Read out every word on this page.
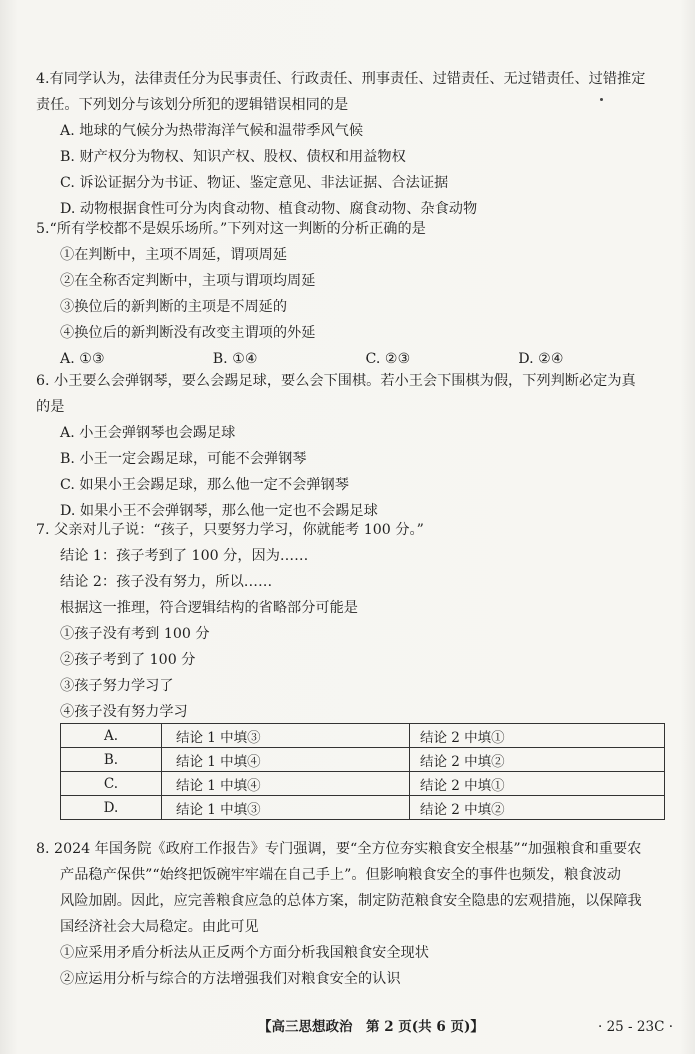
4.有同学认为，法律责任分为民事责任、行政责任、刑事责任、过错责任、无过错责任、过错推定
责任。下列划分与该划分所犯的逻辑错误相同的是
A. 地球的气候分为热带海洋气候和温带季风气候
B. 财产权分为物权、知识产权、股权、债权和用益物权
C. 诉讼证据分为书证、物证、鉴定意见、非法证据、合法证据
D. 动物根据食性可分为肉食动物、植食动物、腐食动物、杂食动物
5.“所有学校都不是娱乐场所。”下列对这一判断的分析正确的是
①在判断中，主项不周延，谓项周延
②在全称否定判断中，主项与谓项均周延
③换位后的新判断的主项是不周延的
④换位后的新判断没有改变主谓项的外延
A. ①③	B. ①④	C. ②③	D. ②④
6. 小王要么会弹钢琴，要么会踢足球，要么会下围棋。若小王会下围棋为假，下列判断必定为真
的是
A. 小王会弹钢琴也会踢足球
B. 小王一定会踢足球，可能不会弹钢琴
C. 如果小王会踢足球，那么他一定不会弹钢琴
D. 如果小王不会弹钢琴，那么他一定也不会踢足球
7. 父亲对儿子说：“孩子，只要努力学习，你就能考 100 分。”
结论 1：孩子考到了 100 分，因为……
结论 2：孩子没有努力，所以……
根据这一推理，符合逻辑结构的省略部分可能是
①孩子没有考到 100 分
②孩子考到了 100 分
③孩子努力学习了
④孩子没有努力学习
A.	结论 1 中填③	结论 2 中填①
B.	结论 1 中填④	结论 2 中填②
C.	结论 1 中填④	结论 2 中填①
D.	结论 1 中填③	结论 2 中填②
8. 2024 年国务院《政府工作报告》专门强调，要“全方位夯实粮食安全根基”“加强粮食和重要农
产品稳产保供”“始终把饭碗牢牢端在自己手上”。但影响粮食安全的事件也频发，粮食波动
风险加剧。因此，应完善粮食应急的总体方案，制定防范粮食安全隐患的宏观措施，以保障我
国经济社会大局稳定。由此可见
①应采用矛盾分析法从正反两个方面分析我国粮食安全现状
②应运用分析与综合的方法增强我们对粮食安全的认识
【高三思想政治　第 2 页(共 6 页)】	· 25 - 23C ·
